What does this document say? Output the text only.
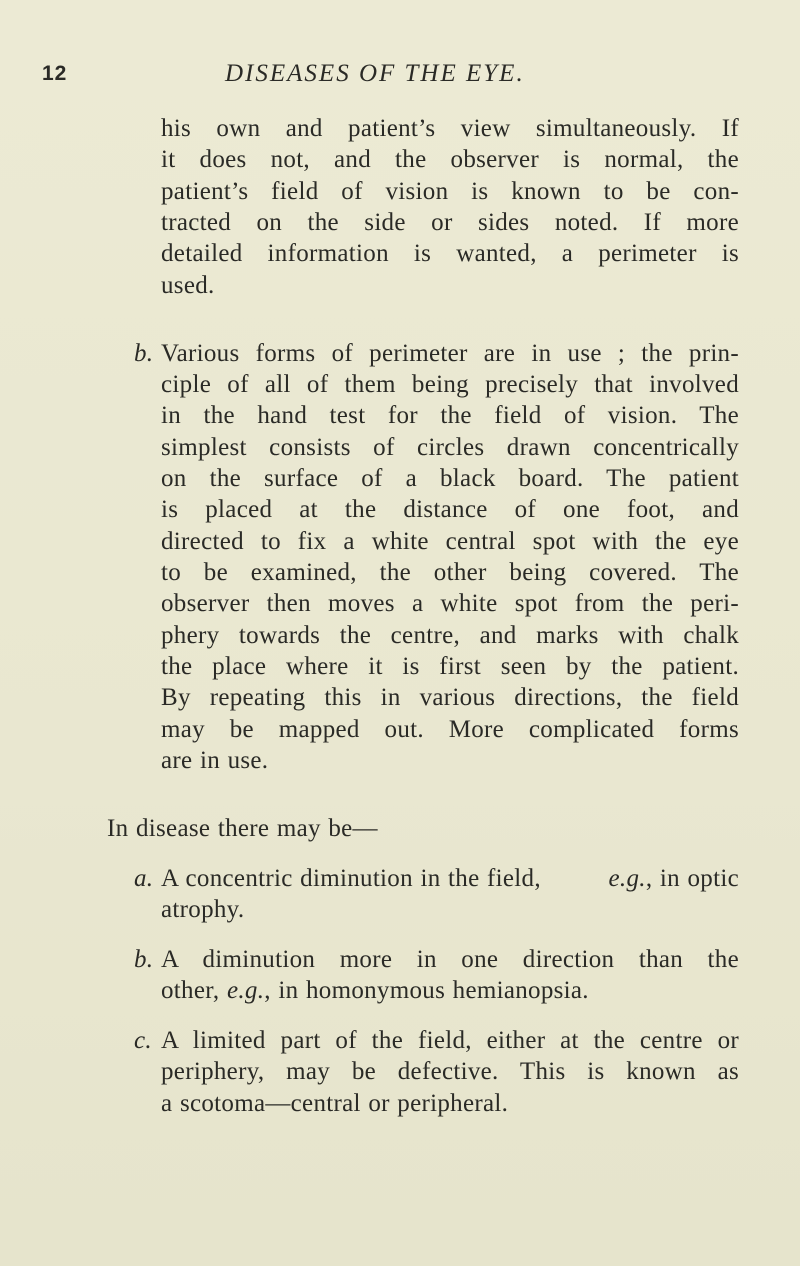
12	DISEASES OF THE EYE.
his own and patient’s view simultaneously. If
it does not, and the observer is normal, the
patient’s field of vision is known to be con-
tracted on the side or sides noted. If more
detailed information is wanted, a perimeter is
used.
b. Various forms of perimeter are in use ; the prin-
ciple of all of them being precisely that involved
in the hand test for the field of vision. The
simplest consists of circles drawn concentrically
on the surface of a black board. The patient
is placed at the distance of one foot, and
directed to fix a white central spot with the eye
to be examined, the other being covered. The
observer then moves a white spot from the peri-
phery towards the centre, and marks with chalk
the place where it is first seen by the patient.
By repeating this in various directions, the field
may be mapped out. More complicated forms
are in use.
In disease there may be—
a. A concentric diminution in the field,	e.g., in optic
atrophy.
b. A diminution more in one direction than the
other, e.g., in homonymous hemianopsia.
c. A limited part of the field, either at the centre or
periphery, may be defective. This is known as
a scotoma—central or peripheral.
